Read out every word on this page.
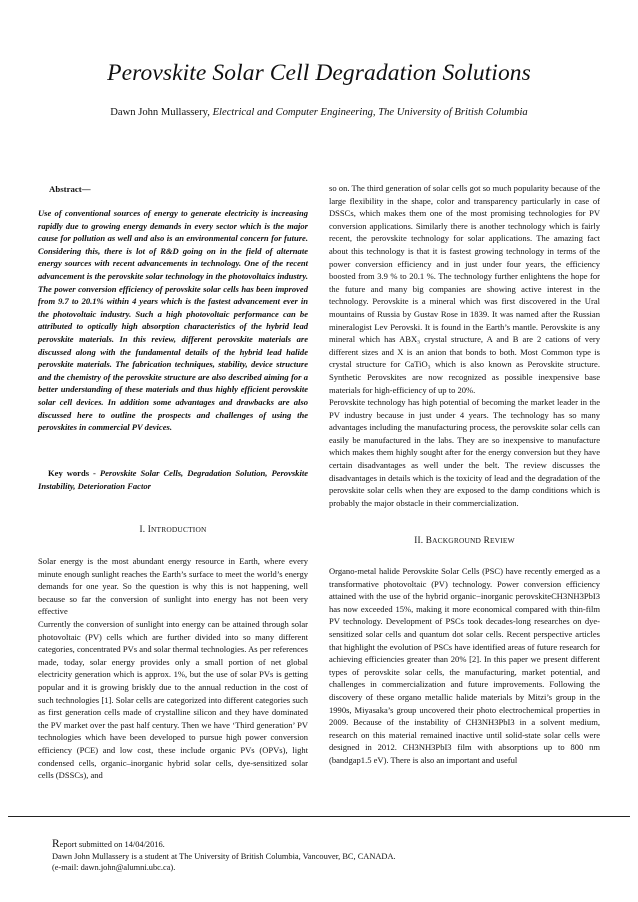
Perovskite Solar Cell Degradation Solutions
Dawn John Mullassery, Electrical and Computer Engineering, The University of British Columbia
Abstract—

Use of conventional sources of energy to generate electricity is increasing rapidly due to growing energy demands in every sector which is the major cause for pollution as well and also is an environmental concern for future. Considering this, there is lot of R&D going on in the field of alternate energy sources with recent advancements in technology. One of the recent advancement is the perovskite solar technology in the photovoltaics industry. The power conversion efficiency of perovskite solar cells has been improved from 9.7 to 20.1% within 4 years which is the fastest advancement ever in the photovoltaic industry. Such a high photovoltaic performance can be attributed to optically high absorption characteristics of the hybrid lead perovskite materials. In this review, different perovskite materials are discussed along with the fundamental details of the hybrid lead halide perovskite materials. The fabrication techniques, stability, device structure and the chemistry of the perovskite structure are also described aiming for a better understanding of these materials and thus highly efficient perovskite solar cell devices. In addition some advantages and drawbacks are also discussed here to outline the prospects and challenges of using the perovskites in commercial PV devices.

Key words - Perovskite Solar Cells, Degradation Solution, Perovskite Instability, Deterioration Factor

I. INTRODUCTION

Solar energy is the most abundant energy resource in Earth, where every minute enough sunlight reaches the Earth’s surface to meet the world’s energy demands for one year. So the question is why this is not happening, well because so far the conversion of sunlight into energy has not been very effective

Currently the conversion of sunlight into energy can be attained through solar photovoltaic (PV) cells which are further divided into so many different categories, concentrated PVs and solar thermal technologies. As per references made, today, solar energy provides only a small portion of net global electricity generation which is approx. 1%, but the use of solar PVs is getting popular and it is growing briskly due to the annual reduction in the cost of such technologies [1]. Solar cells are categorized into different categories such as first generation cells made of crystalline silicon and they have dominated the PV market over the past half century. Then we have ‘Third generation’ PV technologies which have been developed to pursue high power conversion efficiency (PCE) and low cost, these include organic PVs (OPVs), light condensed cells, organic–inorganic hybrid solar cells, dye-sensitized solar cells (DSSCs), and

so on. The third generation of solar cells got so much popularity because of the large flexibility in the shape, color and transparency particularly in case of DSSCs, which makes them one of the most promising technologies for PV conversion applications. Similarly there is another technology which is fairly recent, the perovskite technology for solar applications. The amazing fact about this technology is that it is fastest growing technology in terms of the power conversion efficiency and in just under four years, the efficiency boosted from 3.9 % to 20.1 %. The technology further enlightens the hope for the future and many big companies are showing active interest in the technology. Perovskite is a mineral which was first discovered in the Ural mountains of Russia by Gustav Rose in 1839. It was named after the Russian mineralogist Lev Perovski. It is found in the Earth’s mantle. Perovskite is any mineral which has ABX₃ crystal structure, A and B are 2 cations of very different sizes and X is an anion that bonds to both. Most Common type is crystal structure for CaTiO₃ which is also known as Perovskite structure. Synthetic Perovskites are now recognized as possible inexpensive base materials for high-efficiency of up to 20%.

Perovskite technology has high potential of becoming the market leader in the PV industry because in just under 4 years. The technology has so many advantages including the manufacturing process, the perovskite solar cells can easily be manufactured in the labs. They are so inexpensive to manufacture which makes them highly sought after for the energy conversion but they have certain disadvantages as well under the belt. The review discusses the disadvantages in details which is the toxicity of lead and the degradation of the perovskite solar cells when they are exposed to the damp conditions which is probably the major obstacle in their commercialization.

II. BACKGROUND REVIEW

Organo-metal halide Perovskite Solar Cells (PSC) have recently emerged as a transformative photovoltaic (PV) technology. Power conversion efficiency attained with the use of the hybrid organic−inorganic perovskiteCH3NH3PbI3 has now exceeded 15%, making it more economical compared with thin-film PV technology. Development of PSCs took decades-long researches on dye-sensitized solar cells and quantum dot solar cells. Recent perspective articles that highlight the evolution of PSCs have identified areas of future research for achieving efficiencies greater than 20% [2]. In this paper we present different types of perovskite solar cells, the manufacturing, market potential, and challenges in commercialization and future improvements. Following the discovery of these organo metallic halide materials by Mitzi’s group in the 1990s, Miyasaka’s group uncovered their photo electrochemical properties in 2009. Because of the instability of CH3NH3PbI3 in a solvent medium, research on this material remained inactive until solid-state solar cells were designed in 2012. CH3NH3PbI3 film with absorptions up to 800 nm (bandgap1.5 eV). There is also an important and useful

Report submitted on 14/04/2016.
Dawn John Mullassery is a student at The University of British Columbia, Vancouver, BC, CANADA.
(e-mail: dawn.john@alumni.ubc.ca).
